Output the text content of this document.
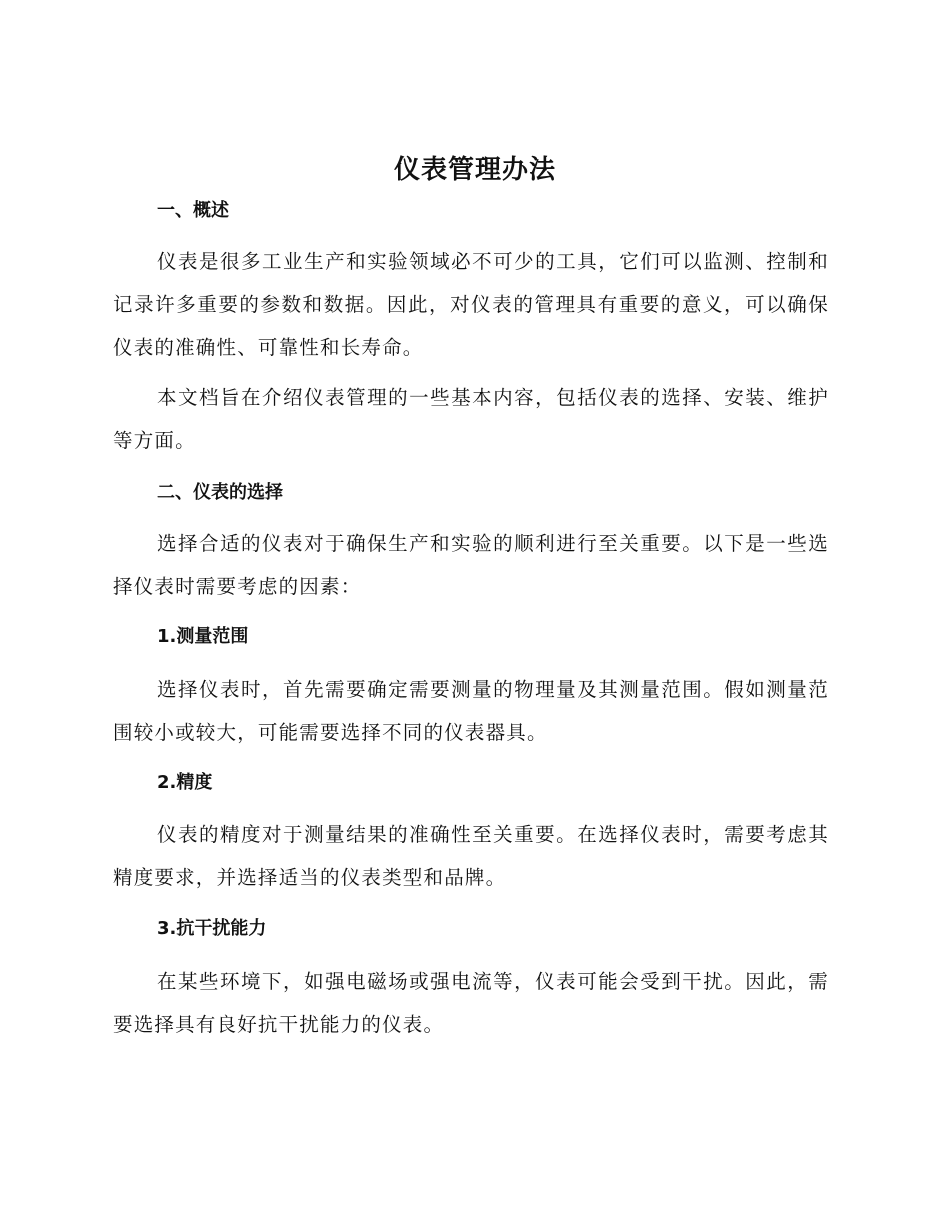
仪表管理办法
一、概述

仪表是很多工业生产和实验领域必不可少的工具，它们可以监测、控制和记录许多重要的参数和数据。因此，对仪表的管理具有重要的意义，可以确保仪表的准确性、可靠性和长寿命。

本文档旨在介绍仪表管理的一些基本内容，包括仪表的选择、安装、维护等方面。

二、仪表的选择

选择合适的仪表对于确保生产和实验的顺利进行至关重要。以下是一些选择仪表时需要考虑的因素：

1.测量范围

选择仪表时，首先需要确定需要测量的物理量及其测量范围。假如测量范围较小或较大，可能需要选择不同的仪表器具。

2.精度

仪表的精度对于测量结果的准确性至关重要。在选择仪表时，需要考虑其精度要求，并选择适当的仪表类型和品牌。

3.抗干扰能力

在某些环境下，如强电磁场或强电流等，仪表可能会受到干扰。因此，需要选择具有良好抗干扰能力的仪表。
